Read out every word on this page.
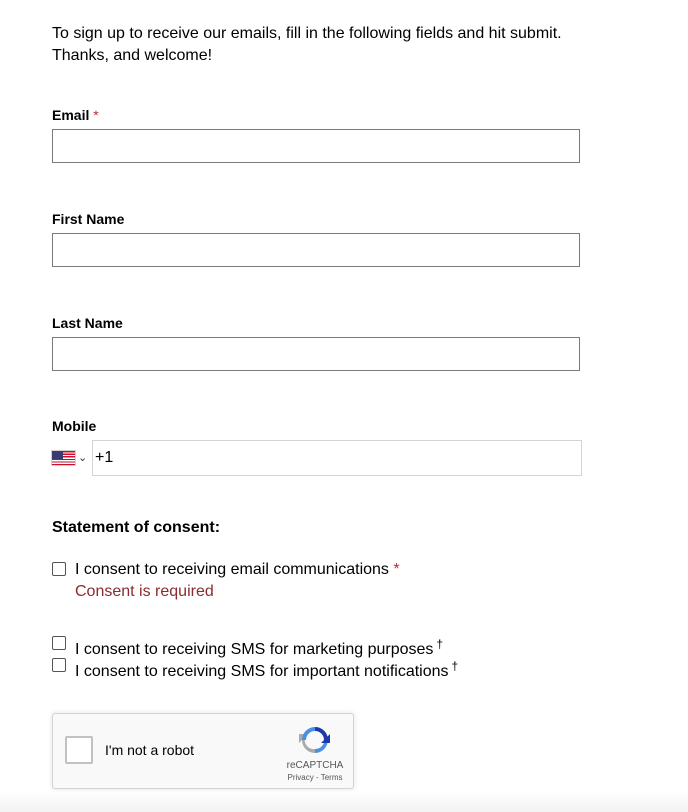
To sign up to receive our emails, fill in the following fields and hit submit.
Thanks, and welcome!
Email *
First Name
Last Name
Mobile
⌄
+1
Statement of consent:
I consent to receiving email communications *
Consent is required
I consent to receiving SMS for marketing purposes †
I consent to receiving SMS for important notifications †
I'm not a robot
reCAPTCHA
Privacy - Terms
